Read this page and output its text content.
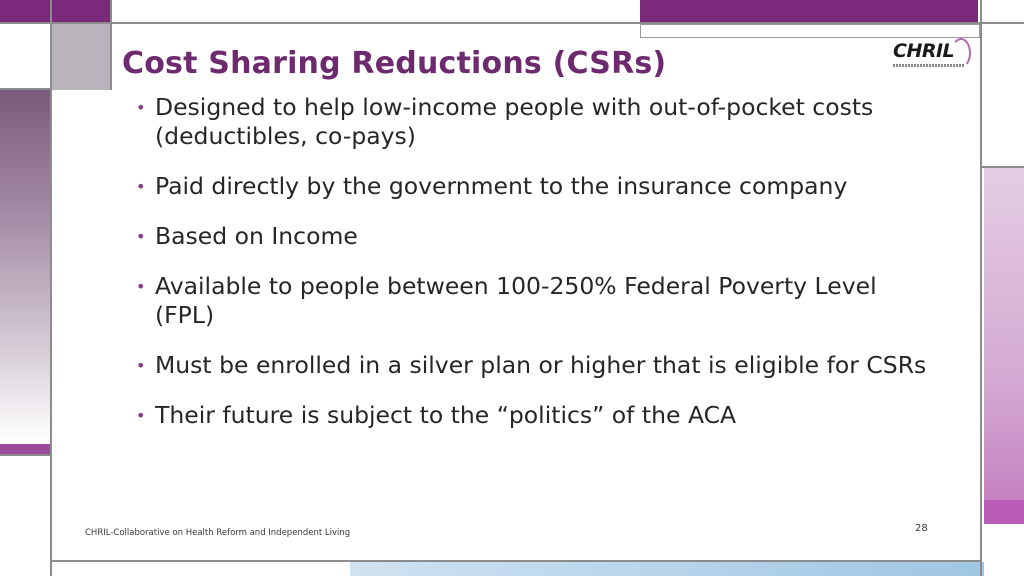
CHRIL
Cost Sharing Reductions (CSRs)
• Designed to help low-income people with out-of-pocket costs (deductibles, co-pays)
• Paid directly by the government to the insurance company
• Based on Income
• Available to people between 100-250% Federal Poverty Level (FPL)
• Must be enrolled in a silver plan or higher that is eligible for CSRs
• Their future is subject to the “politics” of the ACA
CHRIL-Collaborative on Health Reform and Independent Living	28
